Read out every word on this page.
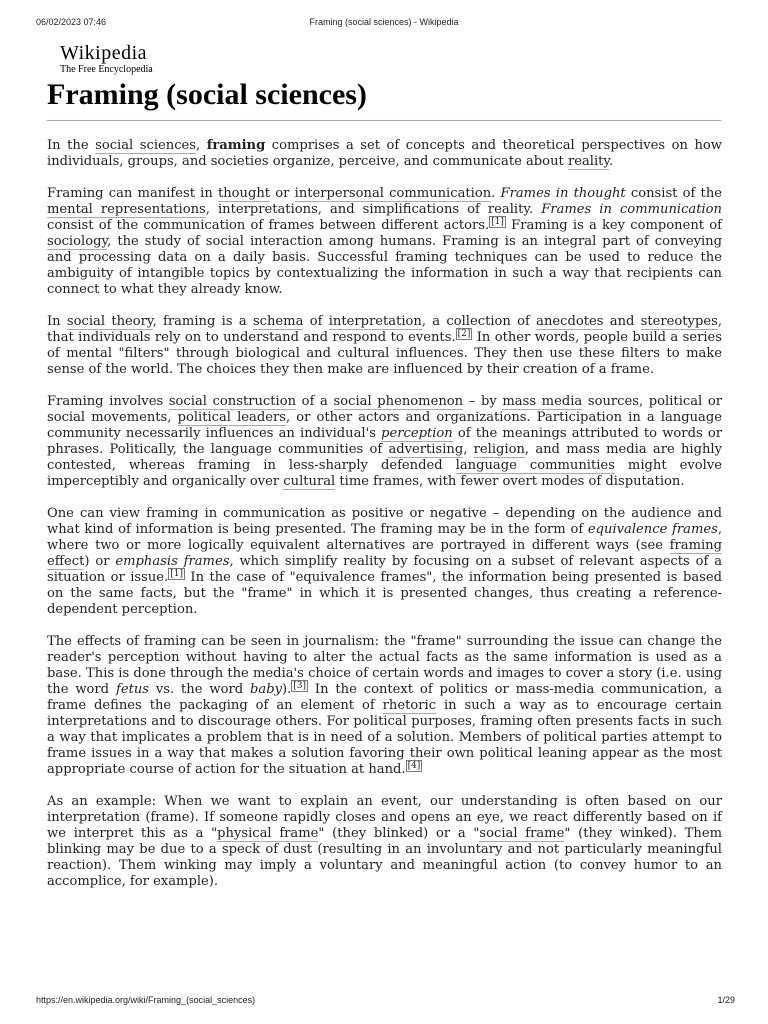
06/02/2023 07:46	Framing (social sciences) - Wikipedia
Wikipedia
The Free Encyclopedia
Framing (social sciences)

In the social sciences, framing comprises a set of concepts and theoretical perspectives on how individuals, groups, and societies organize, perceive, and communicate about reality.

Framing can manifest in thought or interpersonal communication. Frames in thought consist of the mental representations, interpretations, and simplifications of reality. Frames in communication consist of the communication of frames between different actors. [1] Framing is a key component of sociology, the study of social interaction among humans. Framing is an integral part of conveying and processing data on a daily basis. Successful framing techniques can be used to reduce the ambiguity of intangible topics by contextualizing the information in such a way that recipients can connect to what they already know.

In social theory, framing is a schema of interpretation, a collection of anecdotes and stereotypes, that individuals rely on to understand and respond to events. [2] In other words, people build a series of mental "filters" through biological and cultural influences. They then use these filters to make sense of the world. The choices they then make are influenced by their creation of a frame.

Framing involves social construction of a social phenomenon – by mass media sources, political or social movements, political leaders, or other actors and organizations. Participation in a language community necessarily influences an individual's perception of the meanings attributed to words or phrases. Politically, the language communities of advertising, religion, and mass media are highly contested, whereas framing in less-sharply defended language communities might evolve imperceptibly and organically over cultural time frames, with fewer overt modes of disputation.

One can view framing in communication as positive or negative – depending on the audience and what kind of information is being presented. The framing may be in the form of equivalence frames, where two or more logically equivalent alternatives are portrayed in different ways (see framing effect) or emphasis frames, which simplify reality by focusing on a subset of relevant aspects of a situation or issue. [1] In the case of "equivalence frames", the information being presented is based on the same facts, but the "frame" in which it is presented changes, thus creating a reference-dependent perception.

The effects of framing can be seen in journalism: the "frame" surrounding the issue can change the reader's perception without having to alter the actual facts as the same information is used as a base. This is done through the media's choice of certain words and images to cover a story (i.e. using the word fetus vs. the word baby). [3] In the context of politics or mass-media communication, a frame defines the packaging of an element of rhetoric in such a way as to encourage certain interpretations and to discourage others. For political purposes, framing often presents facts in such a way that implicates a problem that is in need of a solution. Members of political parties attempt to frame issues in a way that makes a solution favoring their own political leaning appear as the most appropriate course of action for the situation at hand. [4]

As an example: When we want to explain an event, our understanding is often based on our interpretation (frame). If someone rapidly closes and opens an eye, we react differently based on if we interpret this as a "physical frame" (they blinked) or a "social frame" (they winked). Them blinking may be due to a speck of dust (resulting in an involuntary and not particularly meaningful reaction). Them winking may imply a voluntary and meaningful action (to convey humor to an accomplice, for example).

https://en.wikipedia.org/wiki/Framing_(social_sciences)	1/29
